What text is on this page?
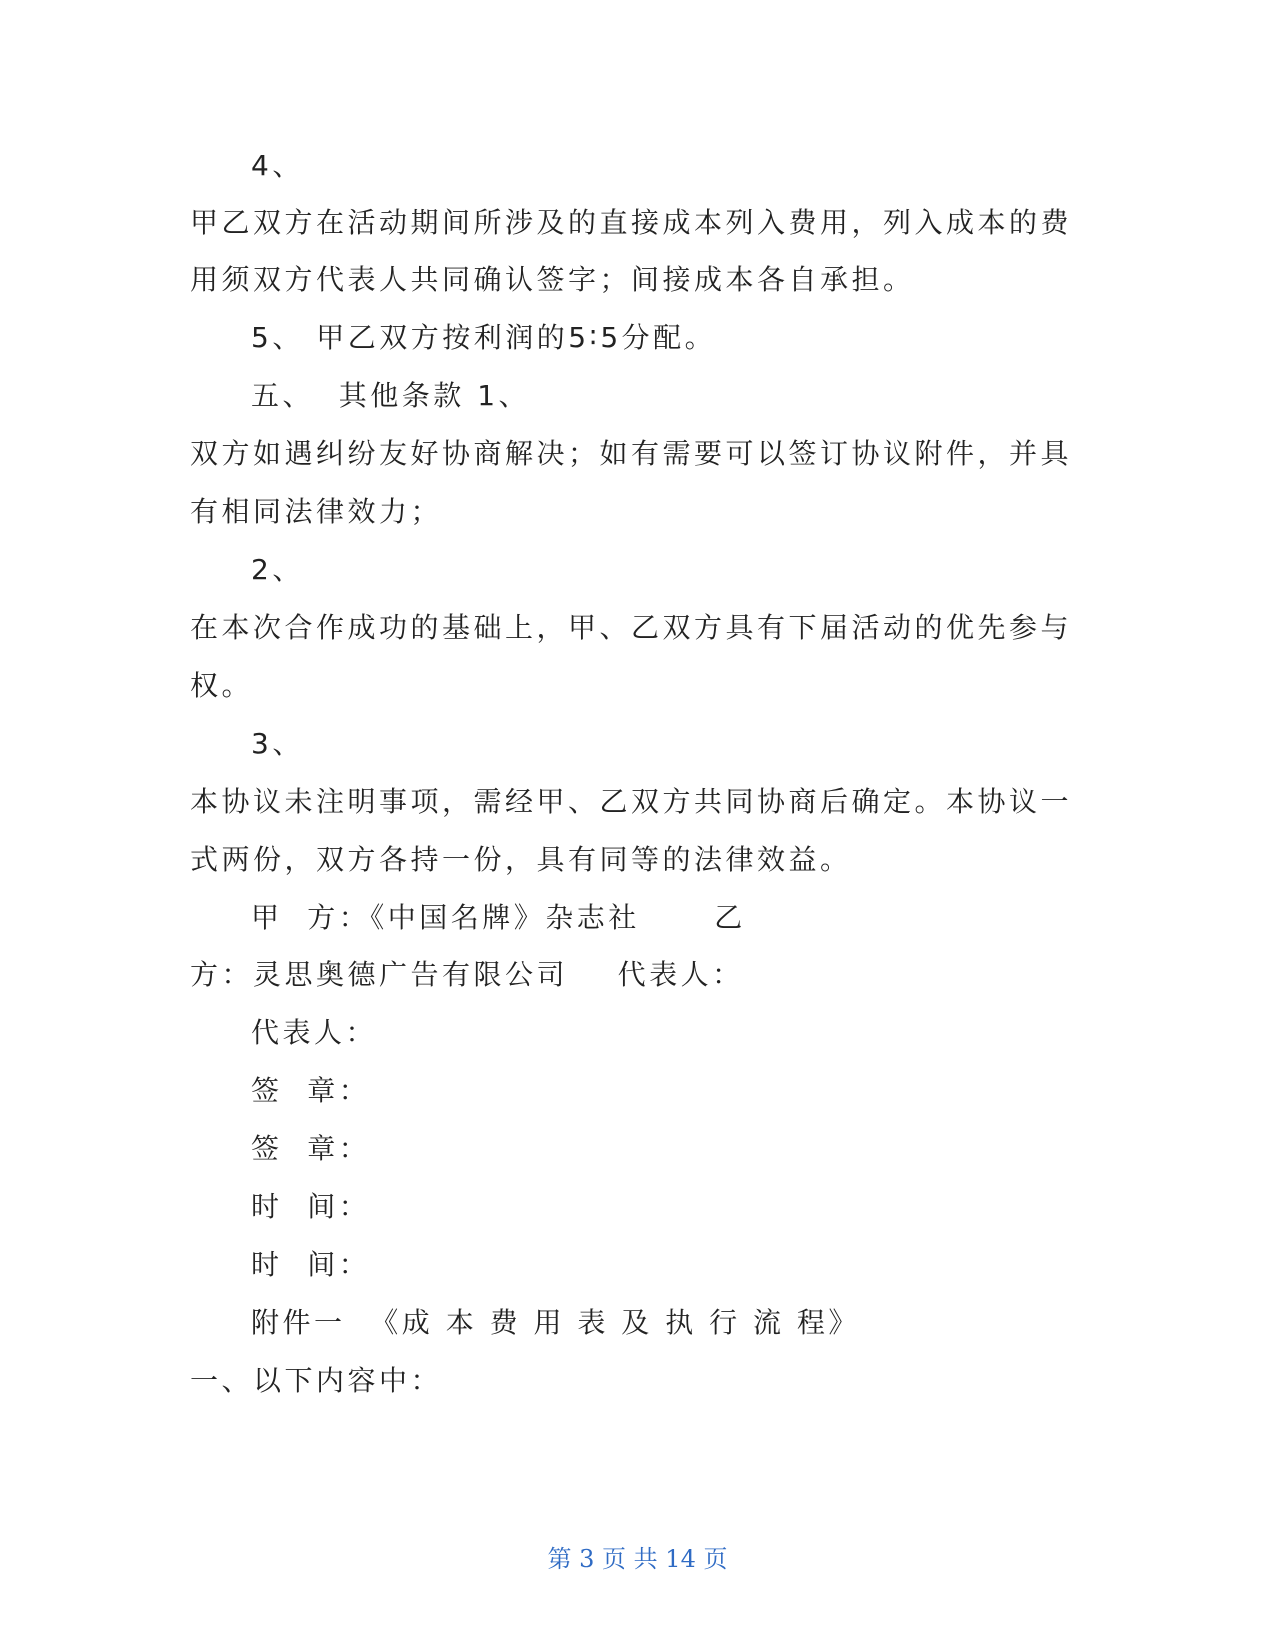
4、
甲乙双方在活动期间所涉及的直接成本列入费用，列入成本的费
用须双方代表人共同确认签字；间接成本各自承担。
5、 甲乙双方按利润的5∶5分配。
五、  其他条款 1、
双方如遇纠纷友好协商解决；如有需要可以签订协议附件，并具
有相同法律效力；
2、
在本次合作成功的基础上，甲、乙双方具有下届活动的优先参与
权。
3、
本协议未注明事项，需经甲、乙双方共同协商后确定。本协议一
式两份，双方各持一份，具有同等的法律效益。
甲  方：《中国名牌》杂志社      乙
方：灵思奥德广告有限公司    代表人：
代表人：
签  章：
签  章：
时  间：
时  间：
附件一  《成 本 费 用 表 及 执 行 流 程》
一、以下内容中：
第 3 页 共 14 页
